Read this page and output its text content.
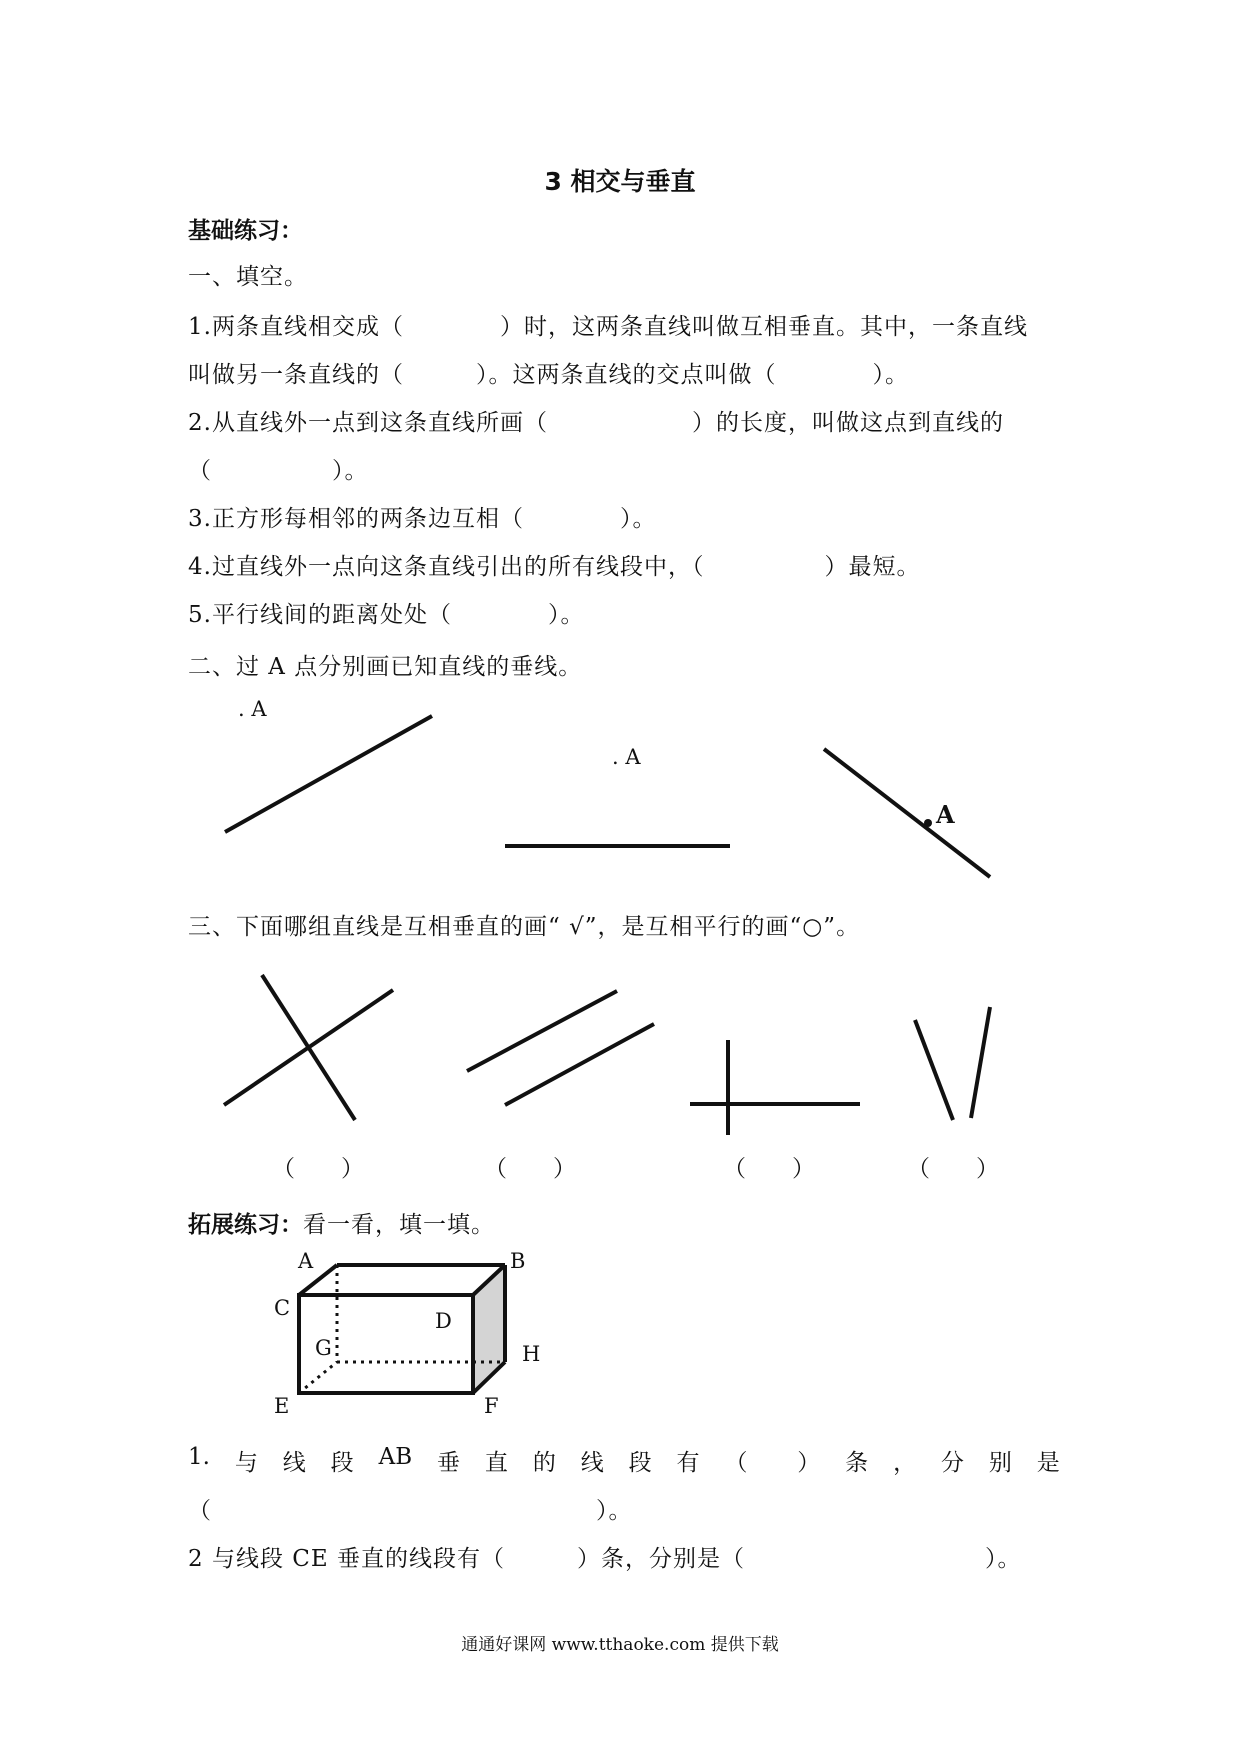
3 相交与垂直
基础练习：
一、填空。
1.两条直线相交成（　　　　）时，这两条直线叫做互相垂直。其中，一条直线
叫做另一条直线的（　　　）。这两条直线的交点叫做（　　　　）。
2.从直线外一点到这条直线所画（　　　　　　）的长度，叫做这点到直线的
（　　　　　）。
3.正方形每相邻的两条边互相（　　　　）。
4.过直线外一点向这条直线引出的所有线段中，（　　　　　）最短。
5.平行线间的距离处处（　　　　）。
二、过 A 点分别画已知直线的垂线。
. A
. A
A
三、下面哪组直线是互相垂直的画“ √”，是互相平行的画“○”。
（　　）	（　　）	（　　）	（　　）
拓展练习：看一看，填一填。
A	B
C
D
G	H
E	F
1. 与 线 段 AB 垂 直 的 线 段 有 （ ） 条 ， 分 别 是
（　　　　　　　　　　　　　　　　）。
2 与线段 CE 垂直的线段有（　　　）条，分别是（　　　　　　　　　　）。
通通好课网 www.tthaoke.com 提供下载
